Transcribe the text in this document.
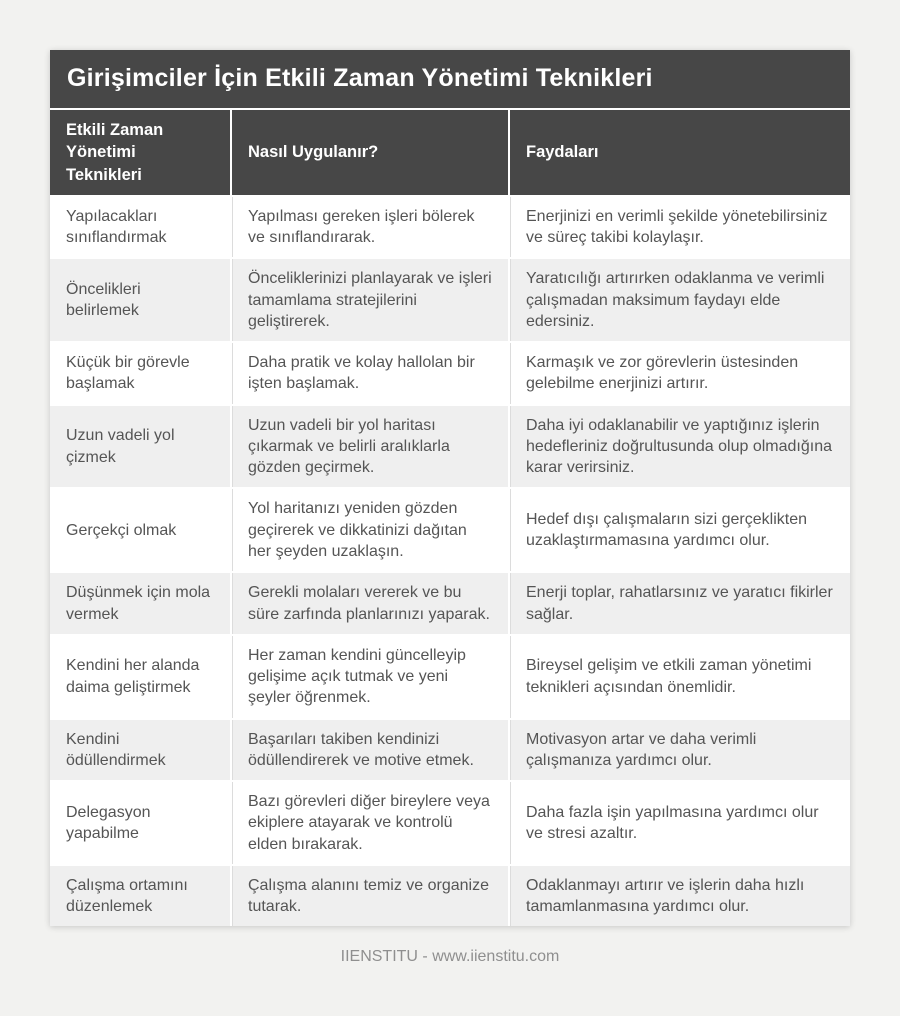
Girişimciler İçin Etkili Zaman Yönetimi Teknikleri
Etkili Zaman Yönetimi Teknikleri	Nasıl Uygulanır?	Faydaları
Yapılacakları sınıflandırmak	Yapılması gereken işleri bölerek ve sınıflandırarak.	Enerjinizi en verimli şekilde yönetebilirsiniz ve süreç takibi kolaylaşır.
Öncelikleri belirlemek	Önceliklerinizi planlayarak ve işleri tamamlama stratejilerini geliştirerek.	Yaratıcılığı artırırken odaklanma ve verimli çalışmadan maksimum faydayı elde edersiniz.
Küçük bir görevle başlamak	Daha pratik ve kolay hallolan bir işten başlamak.	Karmaşık ve zor görevlerin üstesinden gelebilme enerjinizi artırır.
Uzun vadeli yol çizmek	Uzun vadeli bir yol haritası çıkarmak ve belirli aralıklarla gözden geçirmek.	Daha iyi odaklanabilir ve yaptığınız işlerin hedefleriniz doğrultusunda olup olmadığına karar verirsiniz.
Gerçekçi olmak	Yol haritanızı yeniden gözden geçirerek ve dikkatinizi dağıtan her şeyden uzaklaşın.	Hedef dışı çalışmaların sizi gerçeklikten uzaklaştırmamasına yardımcı olur.
Düşünmek için mola vermek	Gerekli molaları vererek ve bu süre zarfında planlarınızı yaparak.	Enerji toplar, rahatlarsınız ve yaratıcı fikirler sağlar.
Kendini her alanda daima geliştirmek	Her zaman kendini güncelleyip gelişime açık tutmak ve yeni şeyler öğrenmek.	Bireysel gelişim ve etkili zaman yönetimi teknikleri açısından önemlidir.
Kendini ödüllendirmek	Başarıları takiben kendinizi ödüllendirerek ve motive etmek.	Motivasyon artar ve daha verimli çalışmanıza yardımcı olur.
Delegasyon yapabilme	Bazı görevleri diğer bireylere veya ekiplere atayarak ve kontrolü elden bırakarak.	Daha fazla işin yapılmasına yardımcı olur ve stresi azaltır.
Çalışma ortamını düzenlemek	Çalışma alanını temiz ve organize tutarak.	Odaklanmayı artırır ve işlerin daha hızlı tamamlanmasına yardımcı olur.
IIENSTITU - www.iienstitu.com
